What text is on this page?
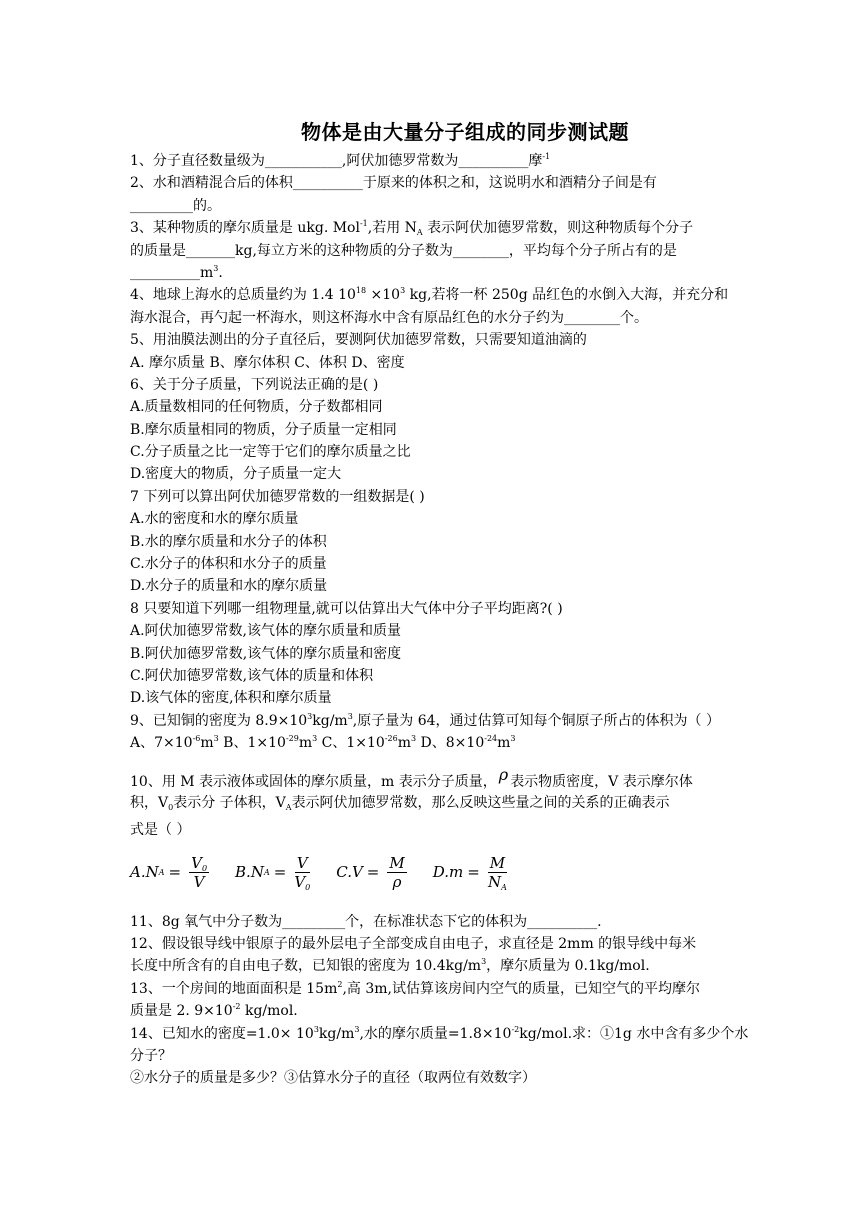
物体是由大量分子组成的同步测试题
1、分子直径数量级为___________,阿伏加德罗常数为__________摩$^{-1}$
2、水和酒精混合后的体积__________于原来的体积之和，这说明水和酒精分子间是有
_________的。
3、某种物质的摩尔质量是 ukg. Mol$^{-1}$,若用 $N_A$ 表示阿伏加德罗常数，则这种物质每个分子
的质量是_______kg,每立方米的这种物质的分子数为________，平均每个分子所占有的是
$\_\_\_\_\_\_\_\_\_\_m^3$.
4、地球上海水的总质量约为 1.4 $10^{18} \times 10^3$ kg,若将一杯 250g 品红色的水倒入大海，并充分和
海水混合，再勺起一杯海水，则这杯海水中含有原品红色的水分子约为________个。
5、用油膜法测出的分子直径后，要测阿伏加德罗常数，只需要知道油滴的
A. 摩尔质量 B、摩尔体积 C、体积 D、密度
6、关于分子质量，下列说法正确的是( )
A.质量数相同的任何物质，分子数都相同
B.摩尔质量相同的物质，分子质量一定相同
C.分子质量之比一定等于它们的摩尔质量之比
D.密度大的物质，分子质量一定大
7 下列可以算出阿伏加德罗常数的一组数据是( )
A.水的密度和水的摩尔质量
B.水的摩尔质量和水分子的体积
C.水分子的体积和水分子的质量
D.水分子的质量和水的摩尔质量
8 只要知道下列哪一组物理量,就可以估算出大气体中分子平均距离?( )
A.阿伏加德罗常数,该气体的摩尔质量和质量
B.阿伏加德罗常数,该气体的摩尔质量和密度
C.阿伏加德罗常数,该气体的质量和体积
D.该气体的密度,体积和摩尔质量
9、已知铜的密度为 $8.9\times 10^3kg/m^3$,原子量为 64，通过估算可知每个铜原子所占的体积为（ ）
A、$7\times 10^{-6}m^3$ B、$1\times 10^{-29}m^3$ C、$1\times 10^{-26}m^3$ D、$8\times 10^{-24}m^3$
10、用 M 表示液体或固体的摩尔质量，m 表示分子质量， ρ 表示物质密度，V 表示摩尔体
积，$V_0$表示分 子体积，$V_A$表示阿伏加德罗常数，那么反映这些量之间的关系的正确表示
式是（ ）
A.N $A = \frac{V_0}{V} B.N$ $A = \frac{V}{V_0} C.V = \frac{M}{\rho} D.m = \frac{M}{N_A}$
11、8g 氧气中分子数为_________个，在标准状态下它的体积为__________.
12、假设银导线中银原子的最外层电子全部变成自由电子，求直径是 2mm 的银导线中每米
长度中所含有的自由电子数，已知银的密度为 $10.4kg/m^3$，摩尔质量为 0.1kg/mol.
13、一个房间的地面面积是 $15m^2$,高 3m,试估算该房间内空气的质量，已知空气的平均摩尔
质量是 2. $9\times 10^{-2}$ kg/mol.
14、已知水的密度$=1.0\times 10^3kg/m^3$,水的摩尔质量$=1.8\times 10^{-2}kg$/mol.求：①1g 水中含有多少个水
分子？
②水分子的质量是多少？③估算水分子的直径（取两位有效数字）
